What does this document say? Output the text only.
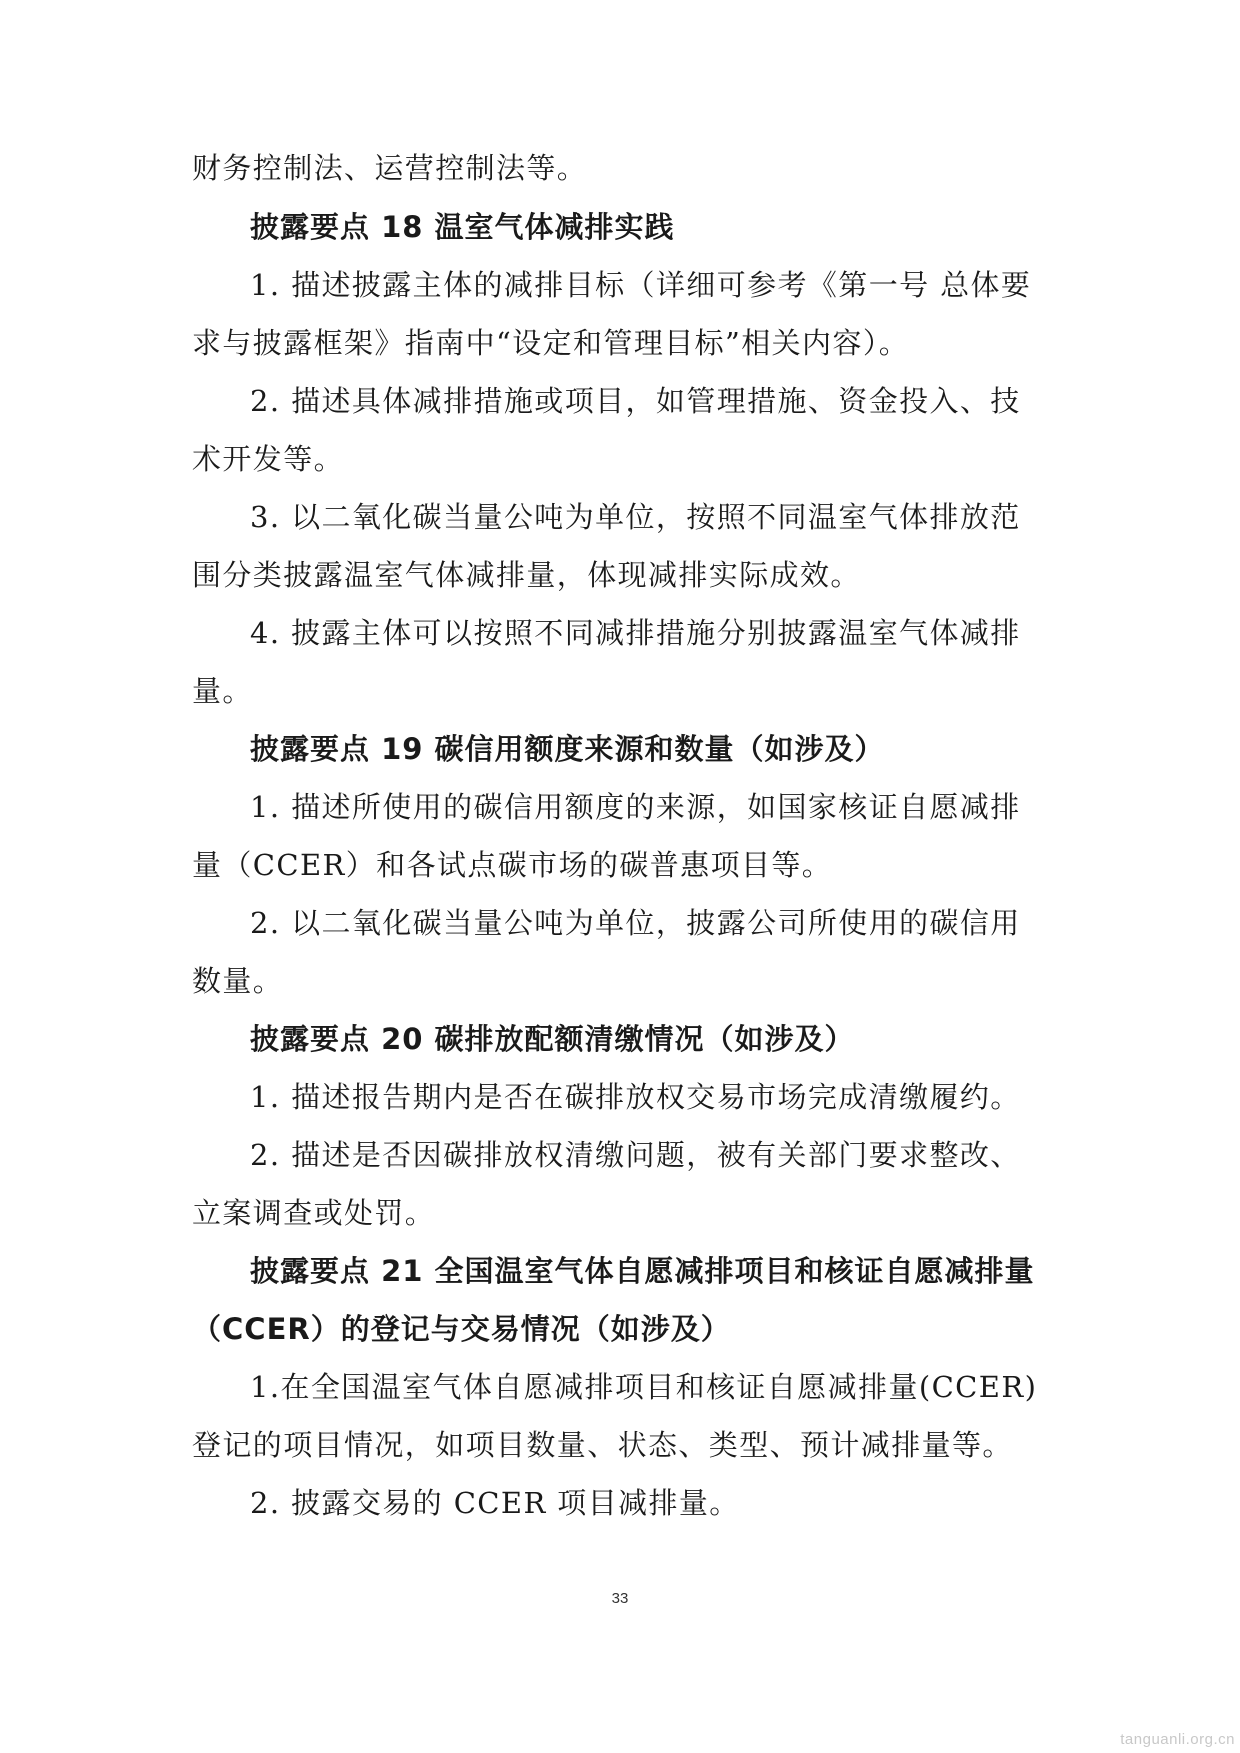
财务控制法、运营控制法等。
披露要点 18 温室气体减排实践
1. 描述披露主体的减排目标（详细可参考《第一号 总体要
求与披露框架》指南中“设定和管理目标”相关内容）。
2. 描述具体减排措施或项目，如管理措施、资金投入、技
术开发等。
3. 以二氧化碳当量公吨为单位，按照不同温室气体排放范
围分类披露温室气体减排量，体现减排实际成效。
4. 披露主体可以按照不同减排措施分别披露温室气体减排
量。
披露要点 19 碳信用额度来源和数量（如涉及）
1. 描述所使用的碳信用额度的来源，如国家核证自愿减排
量（CCER）和各试点碳市场的碳普惠项目等。
2. 以二氧化碳当量公吨为单位，披露公司所使用的碳信用
数量。
披露要点 20 碳排放配额清缴情况（如涉及）
1. 描述报告期内是否在碳排放权交易市场完成清缴履约。
2. 描述是否因碳排放权清缴问题，被有关部门要求整改、
立案调查或处罚。
披露要点 21 全国温室气体自愿减排项目和核证自愿减排量
（CCER）的登记与交易情况（如涉及）
1.在全国温室气体自愿减排项目和核证自愿减排量(CCER)
登记的项目情况，如项目数量、状态、类型、预计减排量等。
2. 披露交易的 CCER 项目减排量。
33
tanguanli.org.cn
